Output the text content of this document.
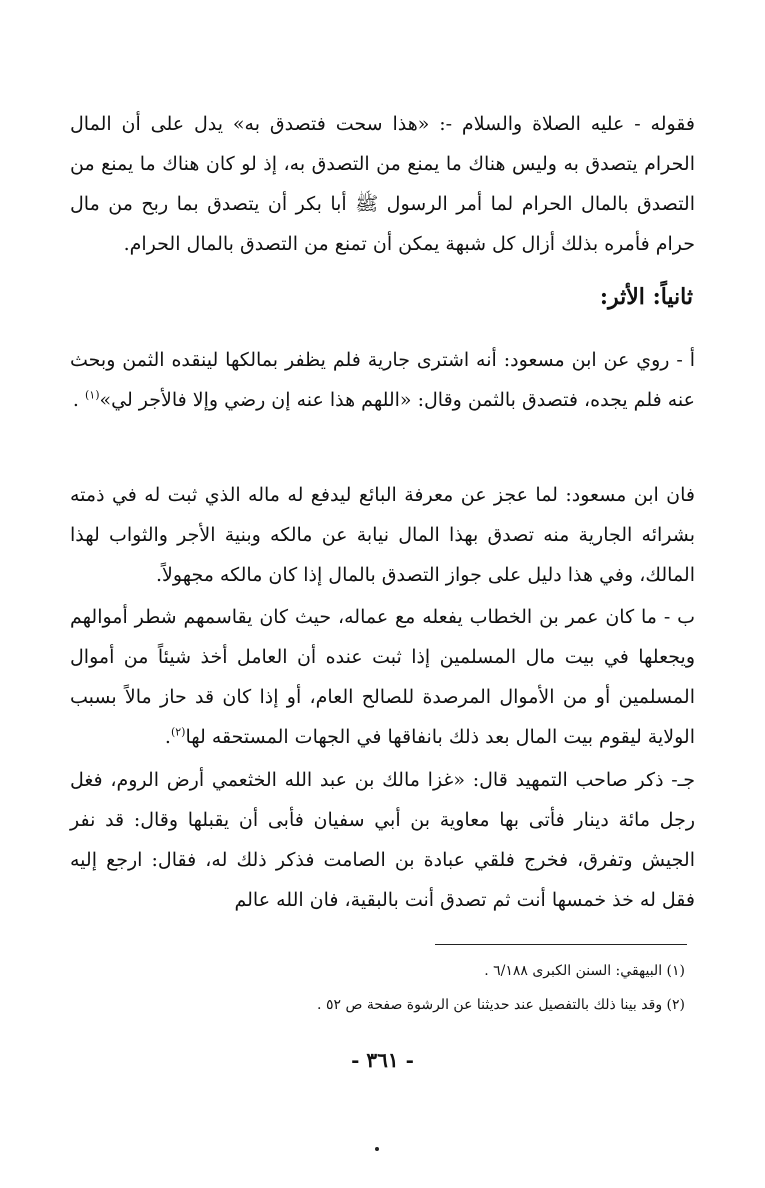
فقوله - عليه الصلاة والسلام -: «هذا سحت فتصدق به» يدل على أن المال الحرام يتصدق به وليس هناك ما يمنع من التصدق به، إذ لو كان هناك ما يمنع من التصدق بالمال الحرام لما أمر الرسول ﷺ أبا بكر أن يتصدق بما ربح من مال حرام فأمره بذلك أزال كل شبهة يمكن أن تمنع من التصدق بالمال الحرام.

ثانياً: الأثر:

أ - روي عن ابن مسعود: أنه اشترى جارية فلم يظفر بمالكها لينقده الثمن وبحث عنه فلم يجده، فتصدق بالثمن وقال: «اللهم هذا عنه إن رضي وإلا فالأجر لي»$^{(١)}$ .

فان ابن مسعود: لما عجز عن معرفة البائع ليدفع له ماله الذي ثبت له في ذمته بشرائه الجارية منه تصدق بهذا المال نيابة عن مالكه وبنية الأجر والثواب لهذا المالك، وفي هذا دليل على جواز التصدق بالمال إذا كان مالكه مجهولاً.

ب - ما كان عمر بن الخطاب يفعله مع عماله، حيث كان يقاسمهم شطر أموالهم ويجعلها في بيت مال المسلمين إذا ثبت عنده أن العامل أخذ شيئاً من أموال المسلمين أو من الأموال المرصدة للصالح العام، أو إذا كان قد حاز مالاً بسبب الولاية ليقوم بيت المال بعد ذلك بانفاقها في الجهات المستحقه لها$^{(٢)}$.

جـ- ذكر صاحب التمهيد قال: «غزا مالك بن عبد الله الخثعمي أرض الروم، فغل رجل مائة دينار فأتى بها معاوية بن أبي سفيان فأبى أن يقبلها وقال: قد نفر الجيش وتفرق، فخرج فلقي عبادة بن الصامت فذكر ذلك له، فقال: ارجع إليه فقل له خذ خمسها أنت ثم تصدق أنت بالبقية، فان الله عالم

(١) البيهقي: السنن الكبرى ٦/١٨٨ .

(٢) وقد بينا ذلك بالتفصيل عند حديثنا عن الرشوة صفحة ص ٥٢ .

- ٣٦١ -
